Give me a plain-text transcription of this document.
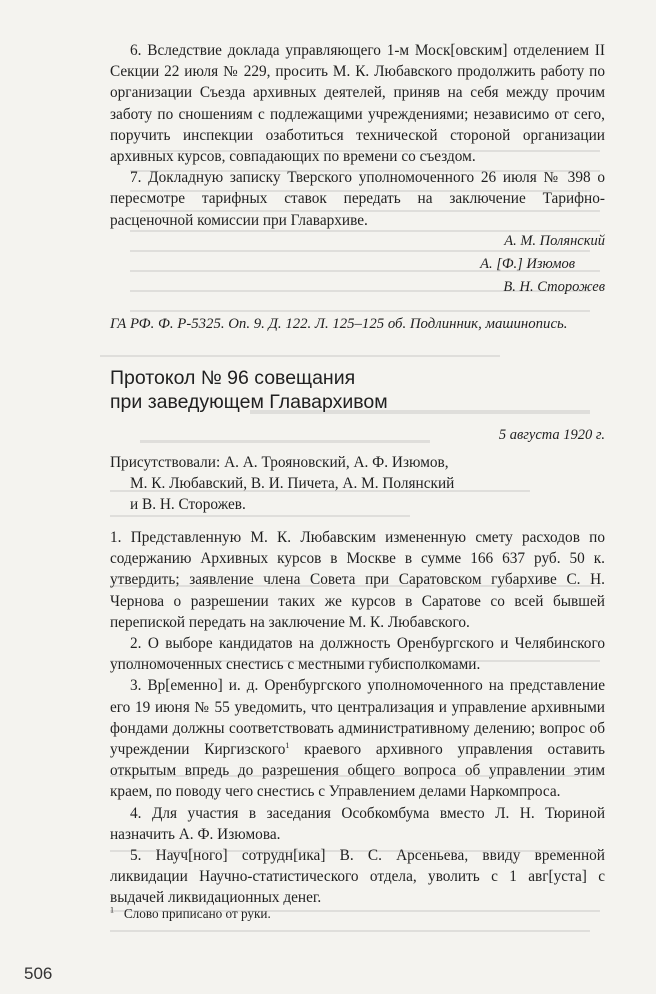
6. Вследствие доклада управляющего 1-м Моск[овским] отделением II Секции 22 июля № 229, просить М. К. Любавского продолжить работу по организации Съезда архивных деятелей, приняв на себя между прочим заботу по сношениям с подлежащими учреждениями; независимо от сего, поручить инспекции озаботиться технической стороной организации архивных курсов, совпадающих по времени со съездом.

7. Докладную записку Тверского уполномоченного 26 июля № 398 о пересмотре тарифных ставок передать на заключение Тарифно-расценочной комиссии при Главархиве.

А. М. Полянский
А. [Ф.] Изюмов
В. Н. Сторожев

ГА РФ. Ф. Р-5325. Оп. 9. Д. 122. Л. 125–125 об. Подлинник, машинопись.

Протокол № 96 совещания
при заведующем Главархивом
5 августа 1920 г.

Присутствовали: А. А. Трояновский, А. Ф. Изюмов,

М. К. Любавский, В. И. Пичета, А. М. Полянский

и В. Н. Сторожев.

1. Представленную М. К. Любавским измененную смету расходов по содержанию Архивных курсов в Москве в сумме 166 637 руб. 50 к. утвердить; заявление члена Совета при Саратовском губархиве С. Н. Чернова о разрешении таких же курсов в Саратове со всей бывшей перепиской передать на заключение М. К. Любавского.

2. О выборе кандидатов на должность Оренбургского и Челябинского уполномоченных снестись с местными губисполкомами.

3. Вр[еменно] и. д. Оренбургского уполномоченного на представление его 19 июня № 55 уведомить, что централизация и управление архивными фондами должны соответствовать административному делению; вопрос об учреждении Киргизского$^1$ краевого архивного управления оставить открытым впредь до разрешения общего вопроса об управлении этим краем, по поводу чего снестись с Управлением делами Наркомпроса.

4. Для участия в заседания Особкомбума вместо Л. Н. Тюриной назначить А. Ф. Изюмова.

5. Науч[ного] сотрудн[ика] В. С. Арсеньева, ввиду временной ликвидации Научно-статистического отдела, уволить с 1 авг[уста] с выдачей ликвидационных денег.

$^1$ Слово приписано от руки.

506
